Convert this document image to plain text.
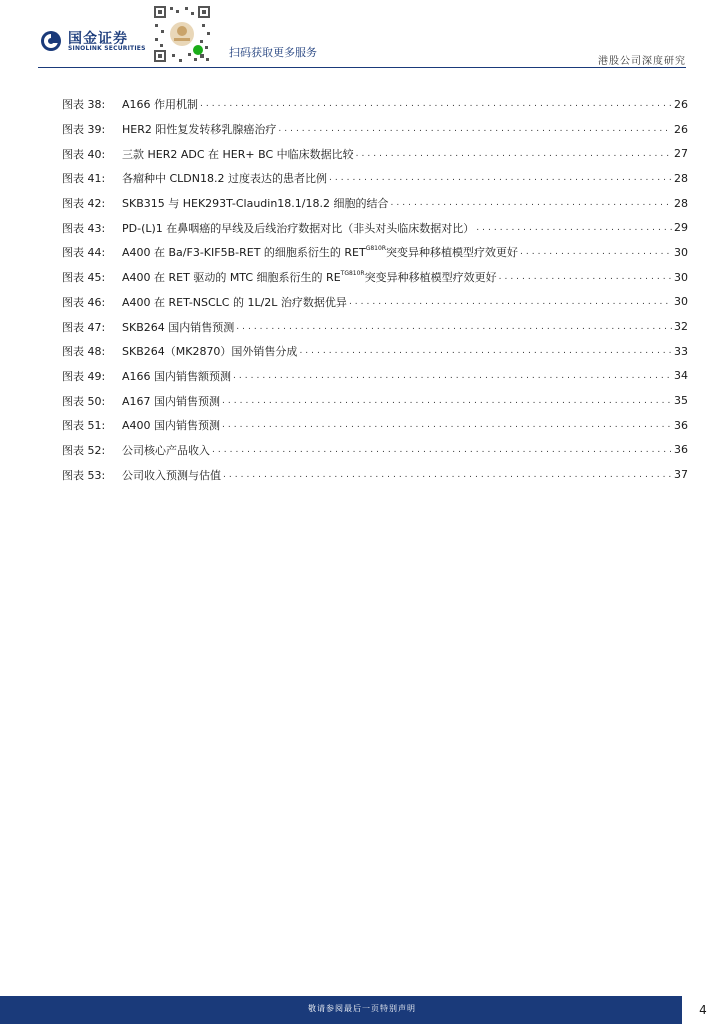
国金证券
SINOLINK SECURITIES	扫码获取更多服务
港股公司深度研究
图表 38:	A166 作用机制 .....	26
图表 39:	HER2 阳性复发转移乳腺癌治疗 .....	26
图表 40:	三款 HER2 ADC 在 HER+ BC 中临床数据比较 .....	27
图表 41:	各瘤种中 CLDN18.2 过度表达的患者比例 .....	28
图表 42:	SKB315 与 HEK293T-Claudin18.1/18.2 细胞的结合 .....	28
图表 43:	PD-(L)1 在鼻咽癌的早线及后线治疗数据对比（非头对头临床数据对比） .....	29
图表 44:	A400 在 Ba/F3-KIF5B-RET 的细胞系衍生的 $RET^{G810R}$突变异种移植模型疗效更好 .....	30
图表 45:	A400 在 RET 驱动的 MTC 细胞系衍生的 $RE^{TG810R}$突变异种移植模型疗效更好 .....	30
图表 46:	A400 在 RET-NSCLC 的 1L/2L 治疗数据优异 .....	30
图表 47:	SKB264 国内销售预测 .....	32
图表 48:	SKB264（MK2870）国外销售分成 .....	33
图表 49:	A166 国内销售额预测 .....	34
图表 50:	A167 国内销售预测 .....	35
图表 51:	A400 国内销售预测 .....	36
图表 52:	公司核心产品收入 .....	36
图表 53:	公司收入预测与估值 .....	37
敬请参阅最后一页特别声明	4
